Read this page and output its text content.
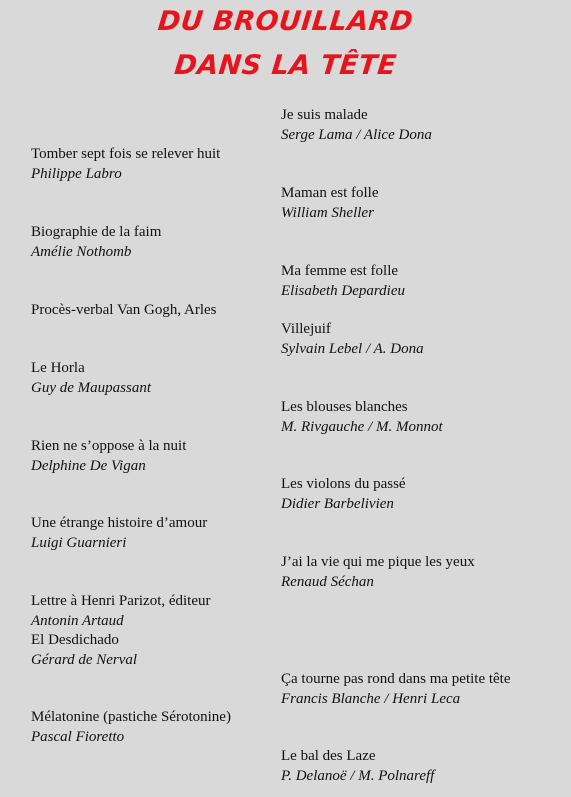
DU BROUILLARD
DANS LA TÊTE
Tomber sept fois se relever huit
Philippe Labro
Biographie de la faim
Amélie Nothomb
Procès-verbal Van Gogh, Arles
Le Horla
Guy de Maupassant
Rien ne s’oppose à la nuit
Delphine De Vigan
Une étrange histoire d’amour
Luigi Guarnieri
Lettre à Henri Parizot, éditeur
Antonin Artaud
El Desdichado
Gérard de Nerval
Mélatonine (pastiche Sérotonine)
Pascal Fioretto
Je suis malade
Serge Lama / Alice Dona
Maman est folle
William Sheller
Ma femme est folle
Elisabeth Depardieu
Villejuif
Sylvain Lebel / A. Dona
Les blouses blanches
M. Rivgauche / M. Monnot
Les violons du passé
Didier Barbelivien
J’ai la vie qui me pique les yeux
Renaud Séchan
Ça tourne pas rond dans ma petite tête
Francis Blanche / Henri Leca
Le bal des Laze
P. Delanoë / M. Polnareff
